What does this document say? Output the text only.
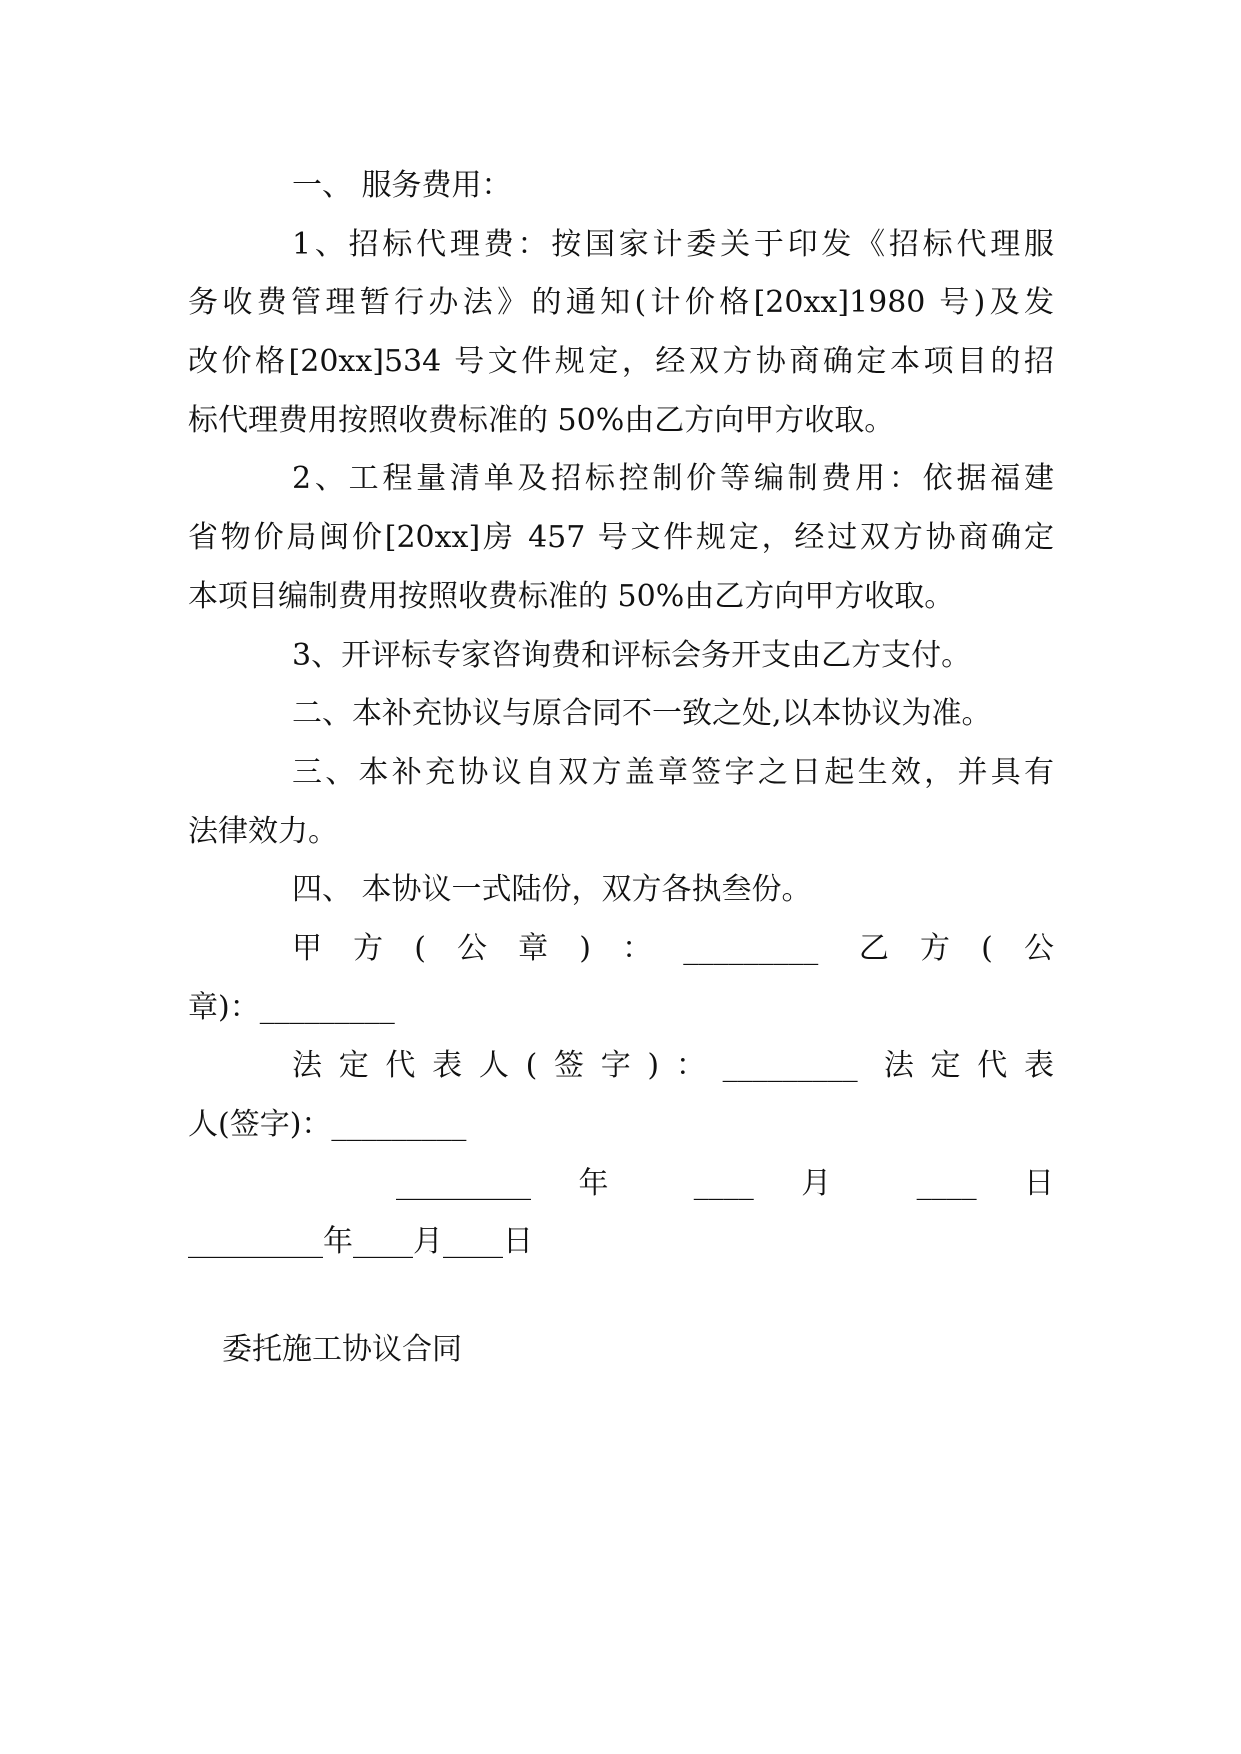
一、 服务费用：
1、招标代理费：按国家计委关于印发《招标代理服
务收费管理暂行办法》的通知(计价格[20xx]1980 号)及发
改价格[20xx]534 号文件规定，经双方协商确定本项目的招
标代理费用按照收费标准的 50%由乙方向甲方收取。
2、工程量清单及招标控制价等编制费用：依据福建
省物价局闽价[20xx]房 457 号文件规定，经过双方协商确定
本项目编制费用按照收费标准的 50%由乙方向甲方收取。
3、开评标专家咨询费和评标会务开支由乙方支付。
二、本补充协议与原合同不一致之处,以本协议为准。
三、本补充协议自双方盖章签字之日起生效，并具有
法律效力。
四、 本协议一式陆份，双方各执叁份。
甲方(公章)：_________ 乙方(公
章)：_________
法定代表人(签字)：_________ 法定代表
人(签字)：_________
_________ 年 ____ 月 ____ 日
_________年____月____日
委托施工协议合同
